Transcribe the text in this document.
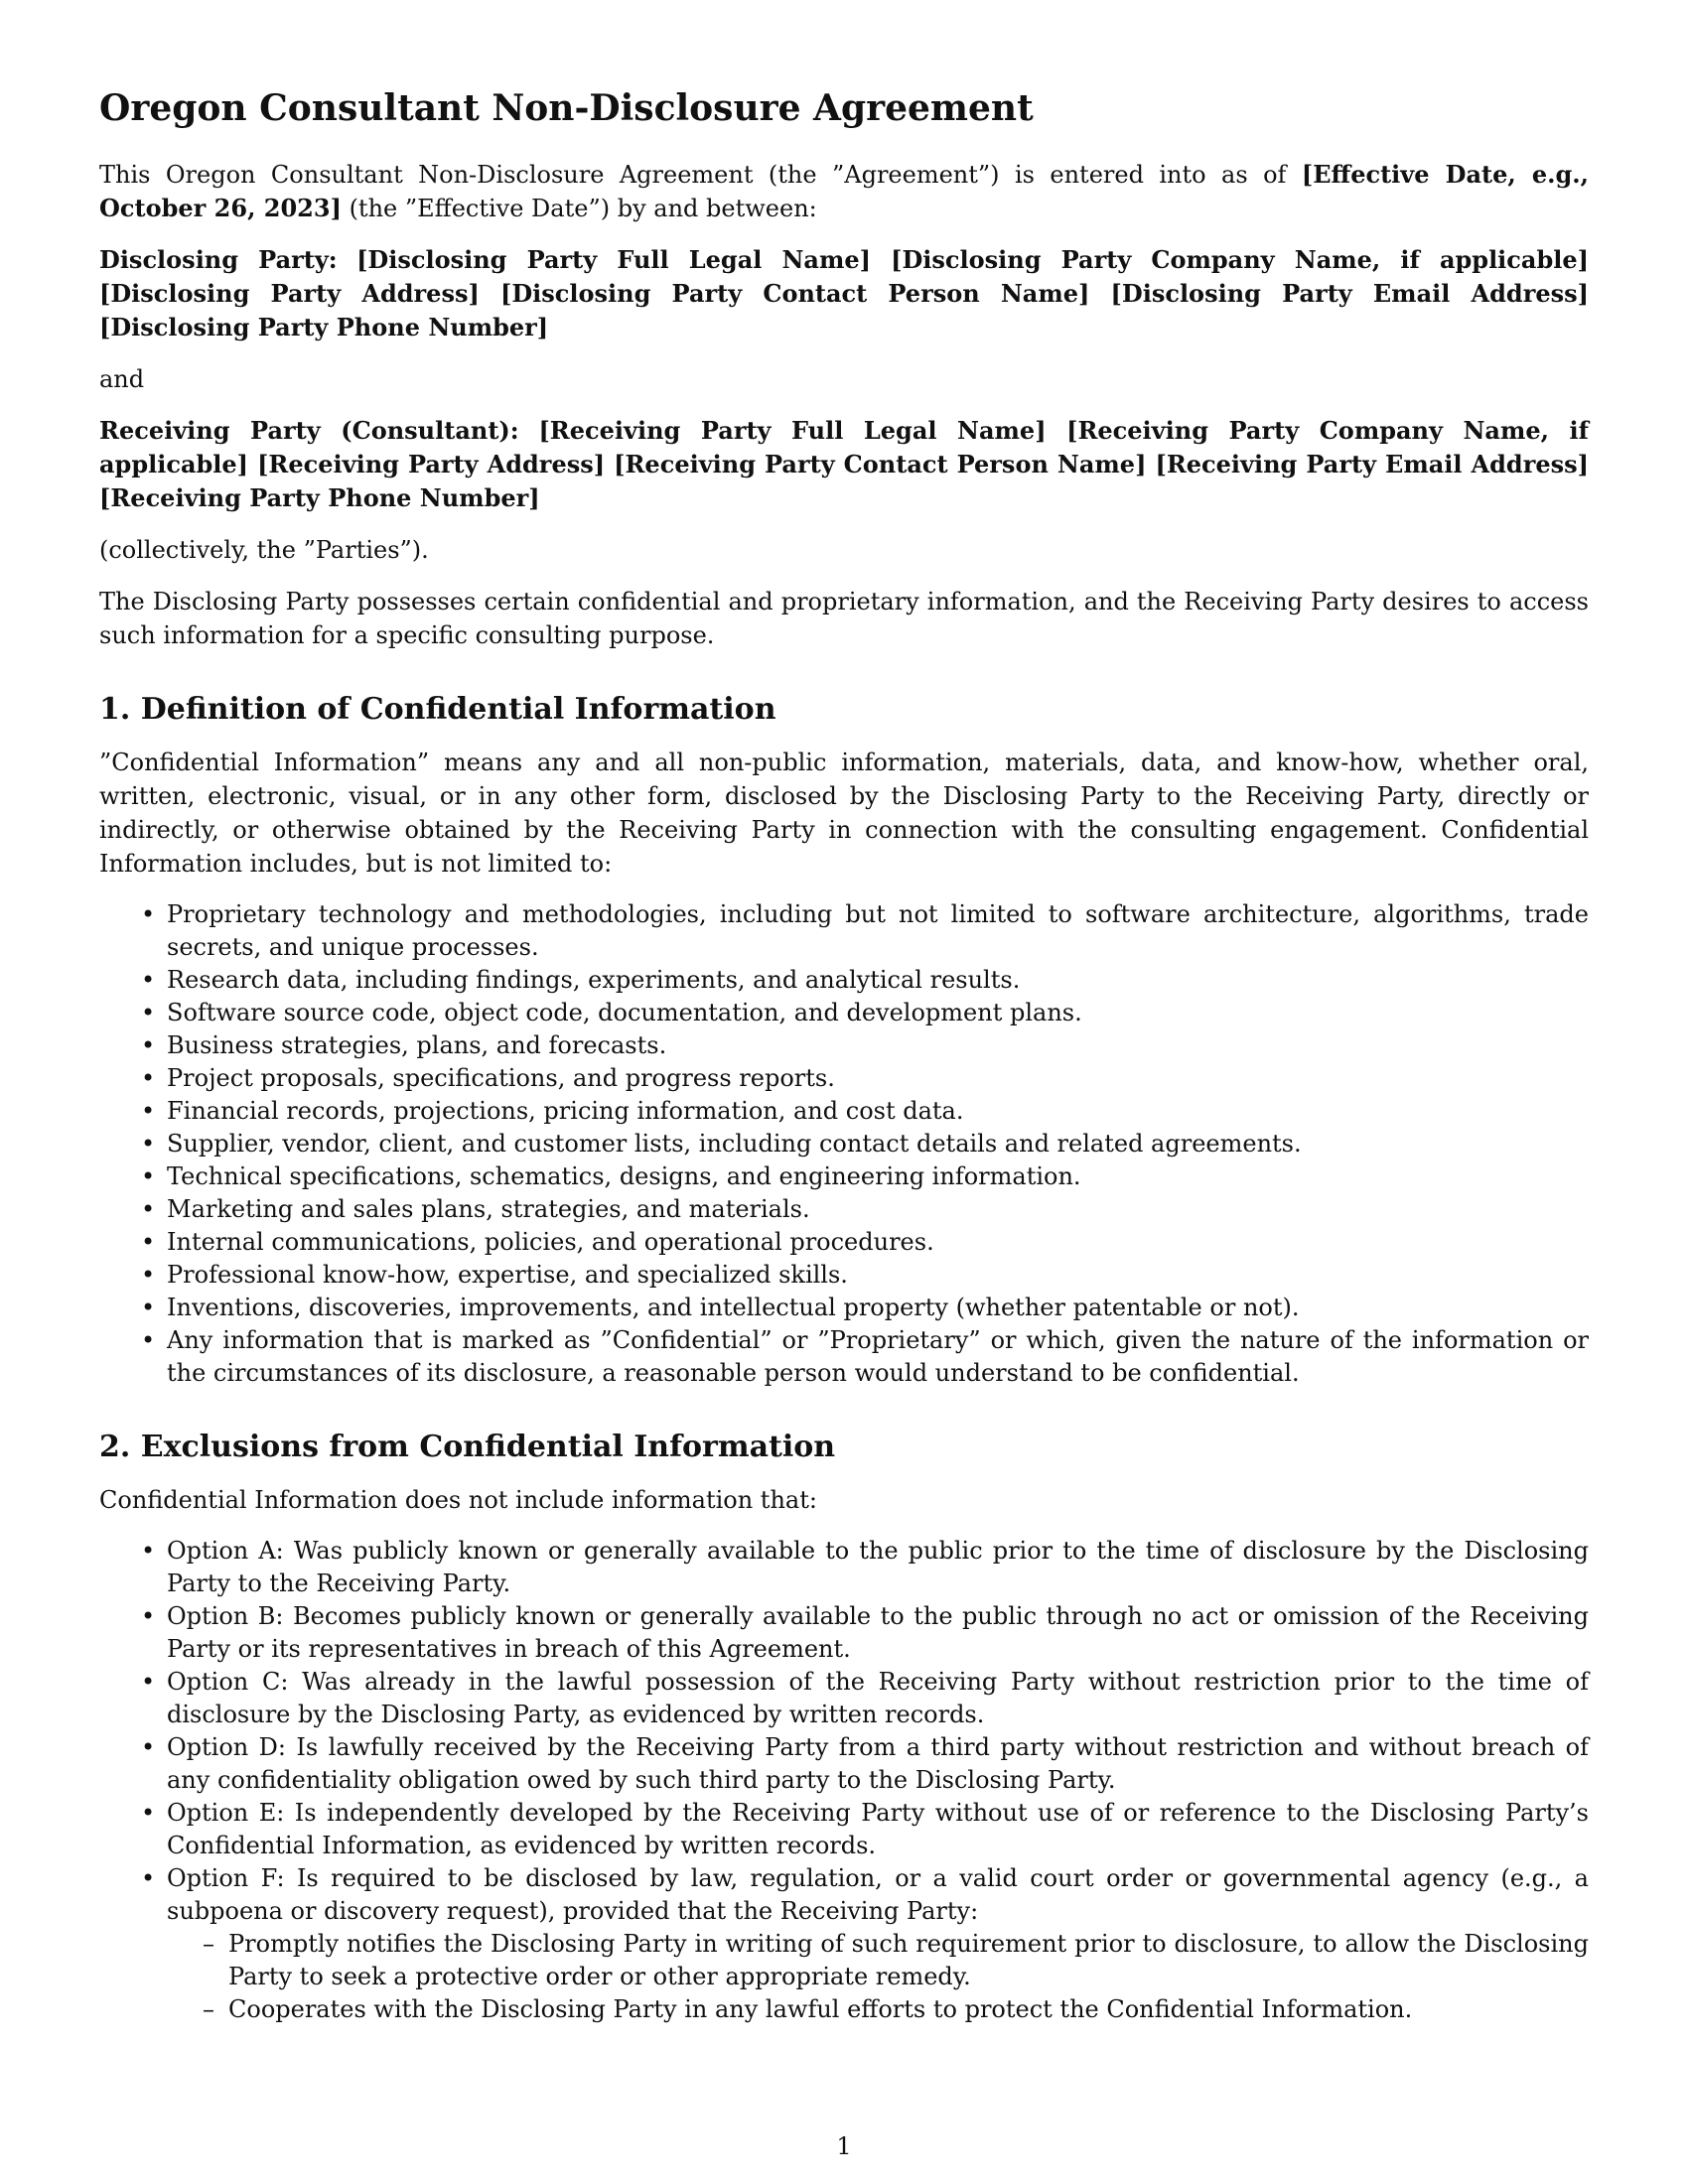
Oregon Consultant Non-Disclosure Agreement

This Oregon Consultant Non-Disclosure Agreement (the ”Agreement”) is entered into as of [Effective Date, e.g., October 26, 2023] (the ”Effective Date”) by and between:

Disclosing Party: [Disclosing Party Full Legal Name] [Disclosing Party Company Name, if applicable] [Disclosing Party Address] [Disclosing Party Contact Person Name] [Disclosing Party Email Address] [Disclosing Party Phone Number]

and

Receiving Party (Consultant): [Receiving Party Full Legal Name] [Receiving Party Company Name, if applicable] [Receiving Party Address] [Receiving Party Contact Person Name] [Receiving Party Email Address] [Receiving Party Phone Number]

(collectively, the ”Parties”).

The Disclosing Party possesses certain confidential and proprietary information, and the Receiving Party desires to access such information for a specific consulting purpose.

1. Definition of Confidential Information

”Confidential Information” means any and all non-public information, materials, data, and know-how, whether oral, written, electronic, visual, or in any other form, disclosed by the Disclosing Party to the Receiving Party, directly or indirectly, or otherwise obtained by the Receiving Party in connection with the consulting engagement. Confidential Information includes, but is not limited to:

• Proprietary technology and methodologies, including but not limited to software architecture, algorithms, trade secrets, and unique processes.
• Research data, including findings, experiments, and analytical results.
• Software source code, object code, documentation, and development plans.
• Business strategies, plans, and forecasts.
• Project proposals, specifications, and progress reports.
• Financial records, projections, pricing information, and cost data.
• Supplier, vendor, client, and customer lists, including contact details and related agreements.
• Technical specifications, schematics, designs, and engineering information.
• Marketing and sales plans, strategies, and materials.
• Internal communications, policies, and operational procedures.
• Professional know-how, expertise, and specialized skills.
• Inventions, discoveries, improvements, and intellectual property (whether patentable or not).
• Any information that is marked as ”Confidential” or ”Proprietary” or which, given the nature of the information or the circumstances of its disclosure, a reasonable person would understand to be confidential.
2. Exclusions from Confidential Information

Confidential Information does not include information that:

• Option A: Was publicly known or generally available to the public prior to the time of disclosure by the Disclosing Party to the Receiving Party.
• Option B: Becomes publicly known or generally available to the public through no act or omission of the Receiving Party or its representatives in breach of this Agreement.
• Option C: Was already in the lawful possession of the Receiving Party without restriction prior to the time of disclosure by the Disclosing Party, as evidenced by written records.
• Option D: Is lawfully received by the Receiving Party from a third party without restriction and without breach of any confidentiality obligation owed by such third party to the Disclosing Party.
• Option E: Is independently developed by the Receiving Party without use of or reference to the Disclosing Party’s Confidential Information, as evidenced by written records.
• Option F: Is required to be disclosed by law, regulation, or a valid court order or governmental agency (e.g., a subpoena or discovery request), provided that the Receiving Party:
– Promptly notifies the Disclosing Party in writing of such requirement prior to disclosure, to allow the Disclosing Party to seek a protective order or other appropriate remedy.
– Cooperates with the Disclosing Party in any lawful efforts to protect the Confidential Information.
1
